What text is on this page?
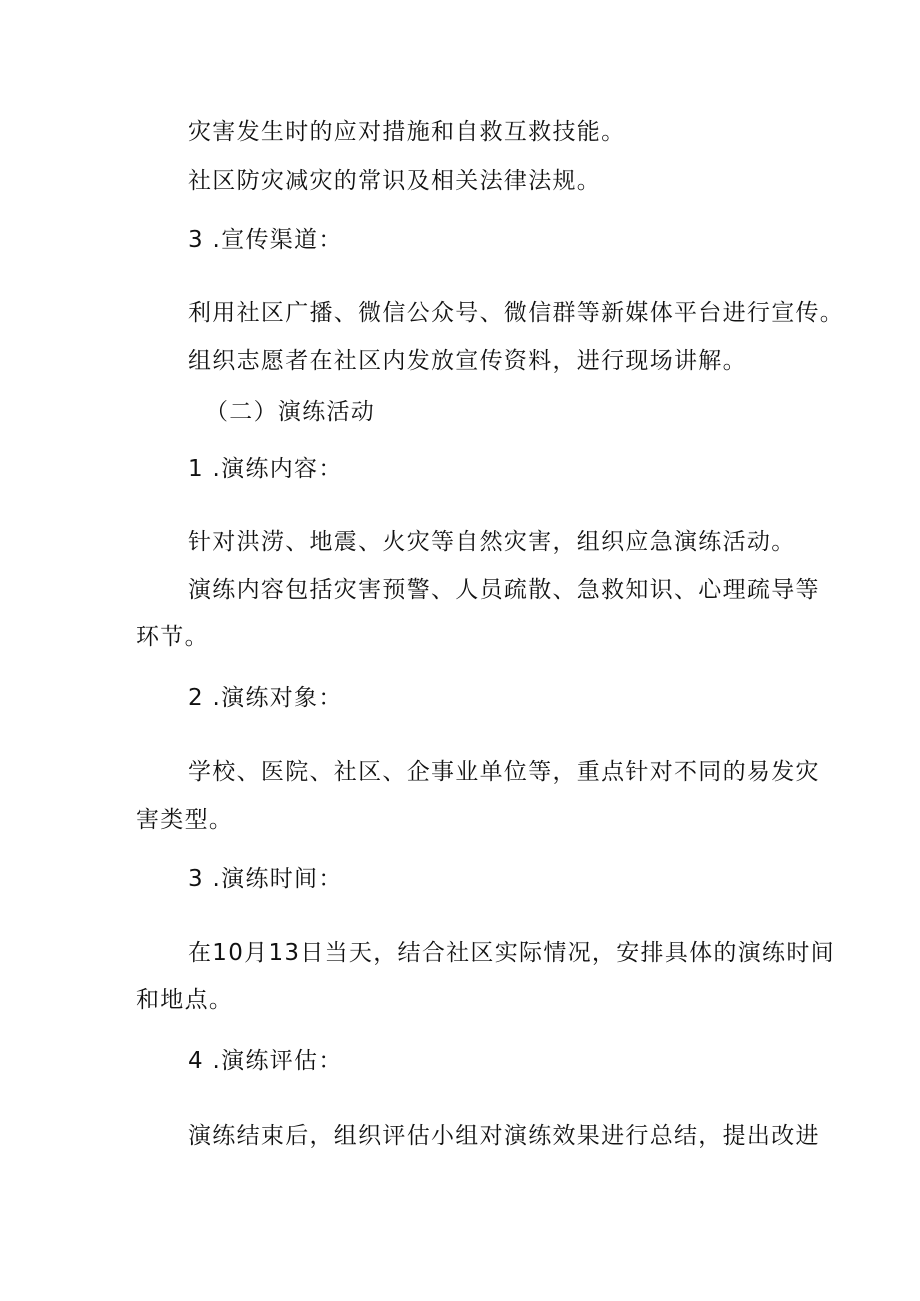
灾害发生时的应对措施和自救互救技能。
社区防灾减灾的常识及相关法律法规。
3 .宣传渠道：
利用社区广播、微信公众号、微信群等新媒体平台进行宣传。
组织志愿者在社区内发放宣传资料，进行现场讲解。
（二）演练活动
1 .演练内容：
针对洪涝、地震、火灾等自然灾害，组织应急演练活动。
演练内容包括灾害预警、人员疏散、急救知识、心理疏导等
环节。
2 .演练对象：
学校、医院、社区、企事业单位等，重点针对不同的易发灾
害类型。
3 .演练时间：
在10月13日当天，结合社区实际情况，安排具体的演练时间
和地点。
4 .演练评估：
演练结束后，组织评估小组对演练效果进行总结，提出改进
